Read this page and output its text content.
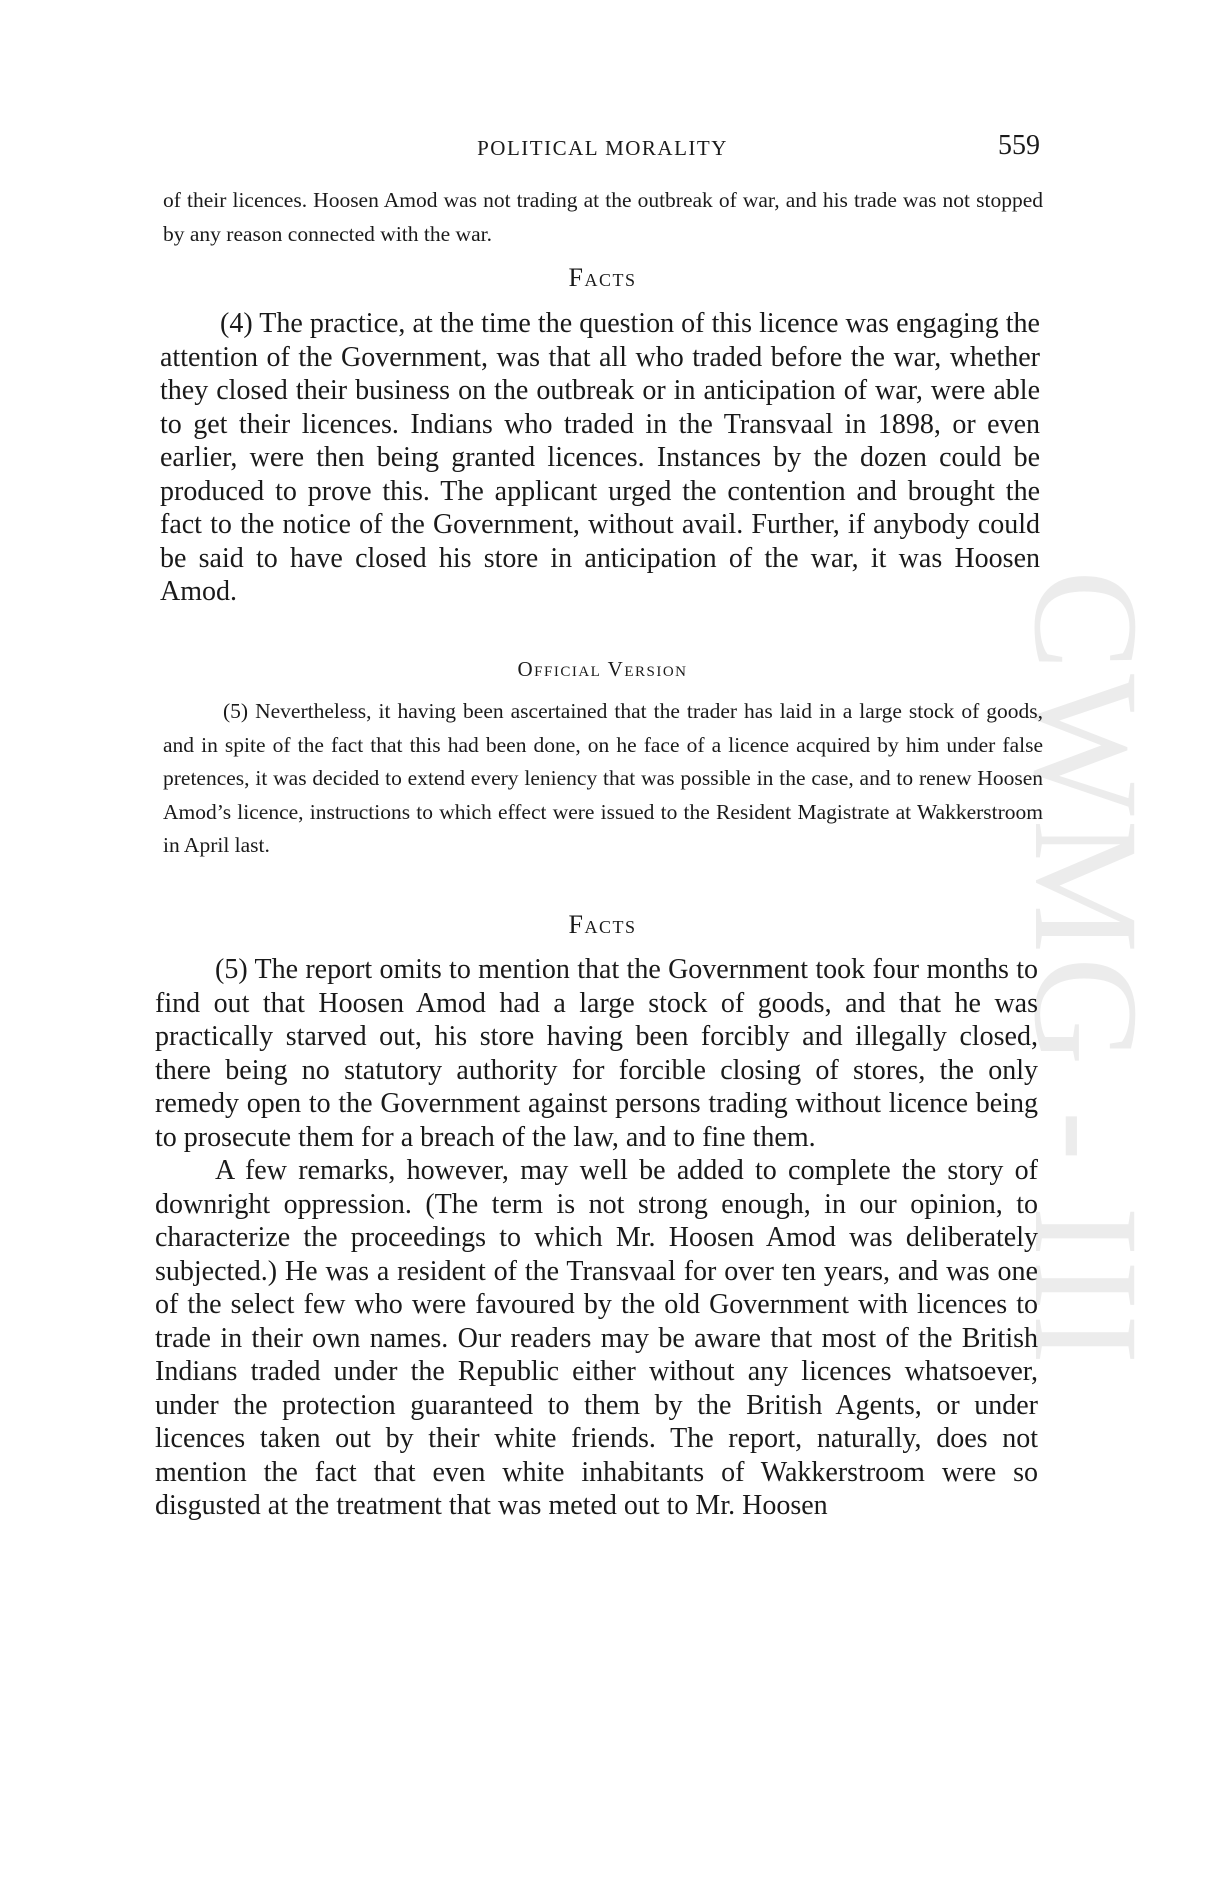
CWMG - III
POLITICAL MORALITY	559

of their licences. Hoosen Amod was not trading at the outbreak of war, and his trade was not stopped by any reason connected with the war.

Facts

(4) The practice, at the time the question of this licence was engaging the attention of the Government, was that all who traded before the war, whether they closed their business on the outbreak or in anticipation of war, were able to get their licences. Indians who traded in the Transvaal in 1898, or even earlier, were then being granted licences. Instances by the dozen could be produced to prove this. The applicant urged the contention and brought the fact to the notice of the Government, without avail. Further, if anybody could be said to have closed his store in anticipation of the war, it was Hoosen Amod.

Official Version

(5) Nevertheless, it having been ascertained that the trader has laid in a large stock of goods, and in spite of the fact that this had been done, on he face of a licence acquired by him under false pretences, it was decided to extend every leniency that was possible in the case, and to renew Hoosen Amod’s licence, instructions to which effect were issued to the Resident Magistrate at Wakkerstroom in April last.

Facts

(5) The report omits to mention that the Government took four months to find out that Hoosen Amod had a large stock of goods, and that he was practically starved out, his store having been forcibly and illegally closed, there being no statutory authority for forcible closing of stores, the only remedy open to the Government against persons trading without licence being to prosecute them for a breach of the law, and to fine them.

A few remarks, however, may well be added to complete the story of downright oppression. (The term is not strong enough, in our opinion, to characterize the proceedings to which Mr. Hoosen Amod was deliberately subjected.) He was a resident of the Transvaal for over ten years, and was one of the select few who were favoured by the old Government with licences to trade in their own names. Our readers may be aware that most of the British Indians traded under the Republic either without any licences whatsoever, under the protection guaranteed to them by the British Agents, or under licences taken out by their white friends. The report, naturally, does not mention the fact that even white inhabitants of Wakkerstroom were so disgusted at the treatment that was meted out to Mr. Hoosen
